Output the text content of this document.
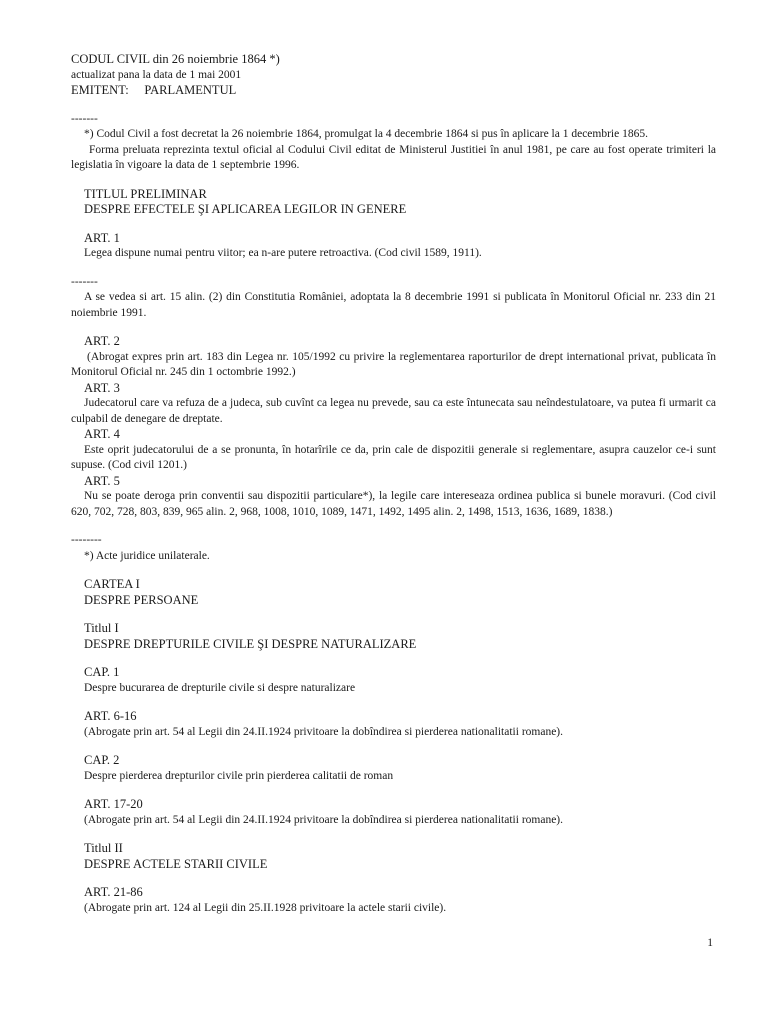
CODUL CIVIL din 26 noiembrie 1864 *)

actualizat pana la data de 1 mai 2001

EMITENT:     PARLAMENTUL

-------

*) Codul Civil a fost decretat la 26 noiembrie 1864, promulgat la 4 decembrie 1864 si pus în aplicare la 1 decembrie 1865.

Forma preluata reprezinta textul oficial al Codului Civil editat de Ministerul Justitiei în anul 1981, pe care au fost operate trimiteri la legislatia în vigoare la data de 1 septembrie 1996.

TITLUL PRELIMINAR

DESPRE EFECTELE ŞI APLICAREA LEGILOR IN GENERE

ART. 1

Legea dispune numai pentru viitor; ea n-are putere retroactiva. (Cod civil 1589, 1911).

-------

A se vedea si art. 15 alin. (2) din Constitutia României, adoptata la 8 decembrie 1991 si publicata în Monitorul Oficial nr. 233 din 21 noiembrie 1991.

ART. 2

(Abrogat expres prin art. 183 din Legea nr. 105/1992 cu privire la reglementarea raporturilor de drept international privat, publicata în Monitorul Oficial nr. 245 din 1 octombrie 1992.)

ART. 3

Judecatorul care va refuza de a judeca, sub cuvînt ca legea nu prevede, sau ca este întunecata sau neîndestulatoare, va putea fi urmarit ca culpabil de denegare de dreptate.

ART. 4

Este oprit judecatorului de a se pronunta, în hotarîrile ce da, prin cale de dispozitii generale si reglementare, asupra cauzelor ce-i sunt supuse. (Cod civil 1201.)

ART. 5

Nu se poate deroga prin conventii sau dispozitii particulare*), la legile care intereseaza ordinea publica si bunele moravuri. (Cod civil 620, 702, 728, 803, 839, 965 alin. 2, 968, 1008, 1010, 1089, 1471, 1492, 1495 alin. 2, 1498, 1513, 1636, 1689, 1838.)

--------

*) Acte juridice unilaterale.

CARTEA I

DESPRE PERSOANE

Titlul I

DESPRE DREPTURILE CIVILE ŞI DESPRE NATURALIZARE

CAP. 1

Despre bucurarea de drepturile civile si despre naturalizare

ART. 6-16

(Abrogate prin art. 54 al Legii din 24.II.1924 privitoare la dobîndirea si pierderea nationalitatii romane).

CAP. 2

Despre pierderea drepturilor civile prin pierderea calitatii de roman

ART. 17-20

(Abrogate prin art. 54 al Legii din 24.II.1924 privitoare la dobîndirea si pierderea nationalitatii romane).

Titlul II

DESPRE ACTELE STARII CIVILE

ART. 21-86

(Abrogate prin art. 124 al Legii din 25.II.1928 privitoare la actele starii civile).

1
